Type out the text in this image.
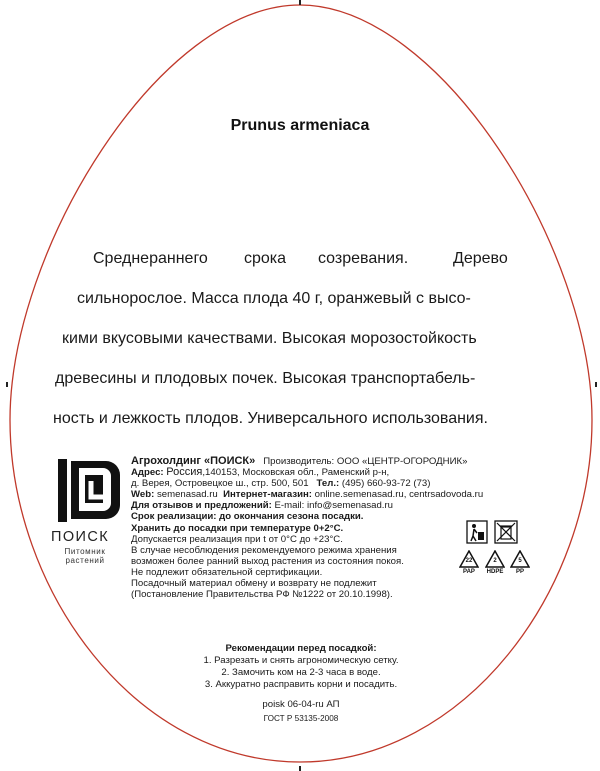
Prunus armeniaca
Среднераннего срока созревания.	Дерево
сильнорослое. Масса плода 40 г, оранжевый с высо-
кими вкусовыми качествами. Высокая морозостойкость
древесины и плодовых почек. Высокая транспортабель-
ность и лежкость плодов. Универсального использования.
ПОИСК
Питомник
растений
Агрохолдинг «ПОИСК» Производитель: ООО «ЦЕНТР-ОГОРОДНИК»
Адрес: Россия,140153, Московская обл., Раменский р-н,
д. Верея, Островецкое ш., стр. 500, 501 Тел.: (495) 660-93-72 (73)
Web: semenasad.ru Интернет-магазин: online.semenasad.ru, centrsadovoda.ru
Для отзывов и предложений: E-mail: info@semenasad.ru
Срок реализации: до окончания сезона посадки.
Хранить до посадки при температуре 0+2°С.
Допускается реализация при t от 0°С до +23°С.
В случае несоблюдения рекомендуемого режима хранения
возможен более ранний выход растения из состояния покоя.
Не подлежит обязательной сертификации.
Посадочный материал обмену и возврату не подлежит
(Постановление Правительства РФ №1222 от 20.10.1998).
Рекомендации перед посадкой:
1. Разрезать и снять агрономическую сетку.
2. Замочить ком на 2-3 часа в воде.
3. Аккуратно расправить корни и посадить.
poisk 06-04-ru АП
ГОСТ Р 53135-2008
22
PAP
2
HDPE
5
PP
